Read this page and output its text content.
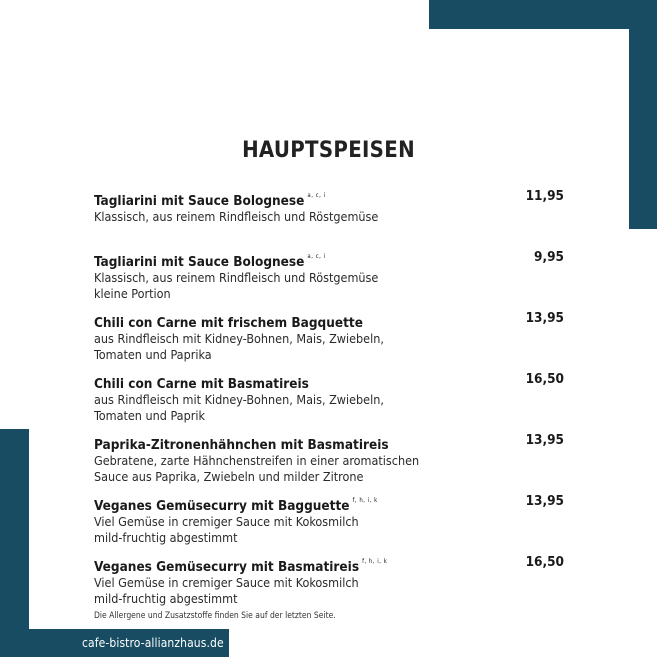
HAUPTSPEISEN
Tagliarini mit Sauce Bolognese $^{a, c, i}$	11,95
Klassisch, aus reinem Rindfleisch und Röstgemüse
Tagliarini mit Sauce Bolognese $^{a, c, i}$	9,95
Klassisch, aus reinem Rindfleisch und Röstgemüse
kleine Portion
Chili con Carne mit frischem Bagquette	13,95
aus Rindfleisch mit Kidney-Bohnen, Mais, Zwiebeln,
Tomaten und Paprika
Chili con Carne mit Basmatireis	16,50
aus Rindfleisch mit Kidney-Bohnen, Mais, Zwiebeln,
Tomaten und Paprik
Paprika-Zitronenhähnchen mit Basmatireis	13,95
Gebratene, zarte Hähnchenstreifen in einer aromatischen
Sauce aus Paprika, Zwiebeln und milder Zitrone
Veganes Gemüsecurry mit Bagguette $^{f, h, i, k}$	13,95
Viel Gemüse in cremiger Sauce mit Kokosmilch
mild-fruchtig abgestimmt
Veganes Gemüsecurry mit Basmatireis $^{f, h, i, k}$	16,50
Viel Gemüse in cremiger Sauce mit Kokosmilch
mild-fruchtig abgestimmt
Die Allergene und Zusatzstoffe finden Sie auf der letzten Seite.
cafe-bistro-allianzhaus.de
